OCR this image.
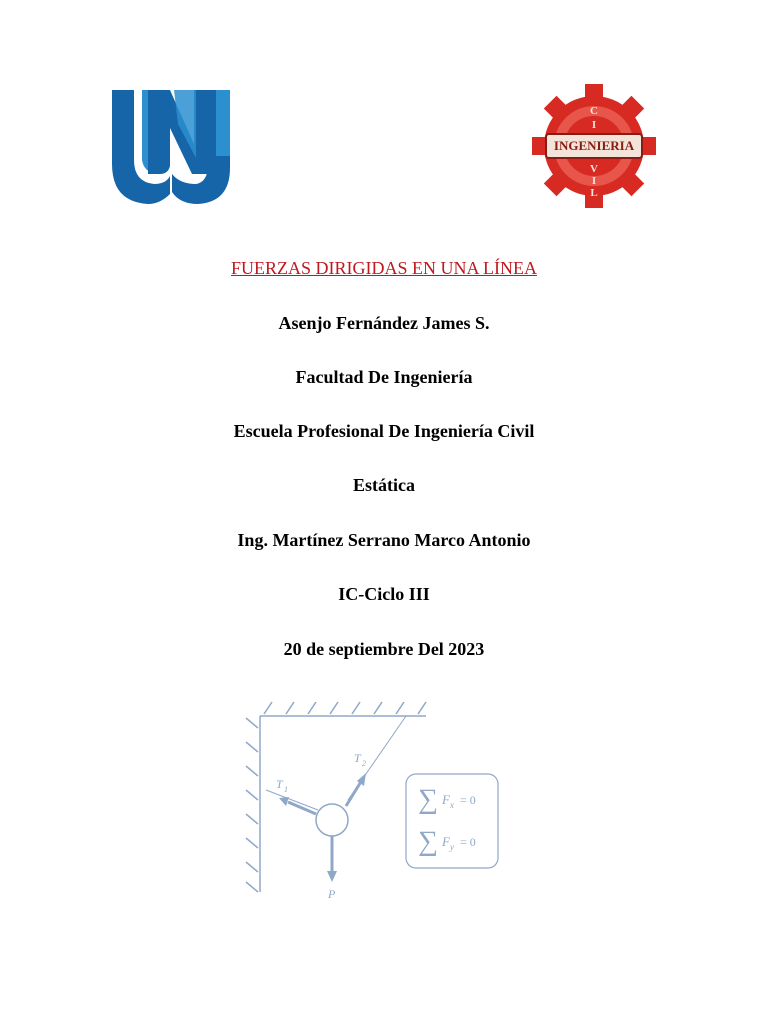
INGENIERIA
C
I
V
I
L
FUERZAS DIRIGIDAS EN UNA LÍNEA
Asenjo Fernández James S.
Facultad De Ingeniería
Escuela Profesional De Ingeniería Civil
Estática
Ing. Martínez Serrano Marco Antonio
IC-Ciclo III
20 de septiembre Del 2023
T 1
T 2
P
∑ F x = 0
∑ F y = 0
